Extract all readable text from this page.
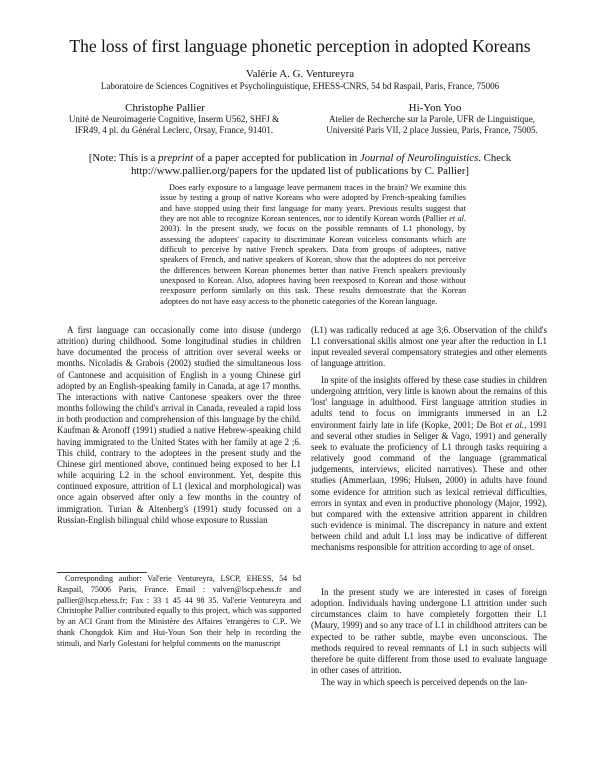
The loss of first language phonetic perception in adopted Koreans
Valérie A. G. Ventureyra
Laboratoire de Sciences Cognitives et Psycholinguistique, EHESS-CNRS, 54 bd Raspail, Paris, France, 75006
Christophe Pallier	Hi-Yon Yoo
Unité de Neuroimagerie Cognitive, Inserm U562, SHFJ &
IFR49, 4 pl. du Général Leclerc, Orsay, France, 91401.
Atelier de Recherche sur la Parole, UFR de Linguistique,
Université Paris VII, 2 place Jussieu, Paris, France, 75005.
[Note: This is a preprint of a paper accepted for publication in Journal of Neurolinguistics. Check
http://www.pallier.org/papers for the updated list of publications by C. Pallier]
Does early exposure to a language leave permanent traces in the brain? We examine this issue by testing a group of native Koreans who were adopted by French-speaking families and have stopped using their first language for many years. Previous results suggest that they are not able to recognize Korean sentences, nor to identify Korean words (Pallier et al. 2003). In the present study, we focus on the possible remnants of L1 phonology, by assessing the adoptees' capacity to discriminate Korean voiceless consonants which are difficult to perceive by native French speakers. Data from groups of adoptees, native speakers of French, and native speakers of Korean, show that the adoptees do not perceive the differences between Korean phonemes better than native French speakers previously unexposed to Korean. Also, adoptees having been reexposed to Korean and those without reexposure perform similarly on this task. These results demonstrate that the Korean adoptees do not have easy access to the phonetic categories of the Korean language.

A first language can occasionally come into disuse (undergo attrition) during childhood. Some longitudinal studies in children have documented the process of attrition over several weeks or months. Nicoladis & Grabois (2002) studied the simultaneous loss of Cantonese and acquisition of English in a young Chinese girl adopted by an English-speaking family in Canada, at age 17 months. The interactions with native Cantonese speakers over the three months following the child's arrival in Canada, revealed a rapid loss in both production and comprehension of this language by the child. Kaufman & Aronoff (1991) studied a native Hebrew-speaking child having immigrated to the United States with her family at age 2 ;6. This child, contrary to the adoptees in the present study and the Chinese girl mentioned above, continued being exposed to her L1 while acquiring L2 in the school environment. Yet, despite this continued exposure, attrition of L1 (lexical and morphological) was once again observed after only a few months in the country of immigration. Turian & Altenberg's (1991) study focussed on a Russian-English bilingual child whose exposure to Russian

Corresponding author: Val'erie Ventureyra, LSCP, EHESS, 54 bd Raspail, 75006 Paris, France. Email : valven@lscp.ehess.fr and pallier@lscp.ehess.fr; Fax : 33 1 45 44 98 35. Val'erie Ventureyra and Christophe Pallier contributed equally to this project, which was supported by an ACI Grant from the Ministère des Affaires 'etrangères to C.P.. We thank Chongdok Kim and Hui-Youn Son their help in recording the stimuli, and Narly Golestani for helpful comments on the manuscript

(L1) was radically reduced at age 3;6. Observation of the child's L1 conversational skills almost one year after the reduction in L1 input revealed several compensatory strategies and other elements of language attrition.

In spite of the insights offered by these case studies in children undergoing attrition, very little is known about the remains of this 'lost' language in adulthood. First language attrition studies in adults tend to focus on immigrants immersed in an L2 environment fairly late in life (Kopke, 2001; De Bot et al., 1991 and several other studies in Seliger & Vago, 1991) and generally seek to evaluate the proficiency of L1 through tasks requiring a relatively good command of the language (grammatical judgements, interviews, elicited narratives). These and other studies (Ammerlaan, 1996; Hulsen, 2000) in adults have found some evidence for attrition such as lexical retrieval difficulties, errors in syntax and even in productive phonology (Major, 1992), but compared with the extensive attrition apparent in children such evidence is minimal. The discrepancy in nature and extent between child and adult L1 loss may be indicative of different mechanisms responsible for attrition according to age of onset.

In the present study we are interested in cases of foreign adoption. Individuals having undergone L1 attrition under such circumstances claim to have completely forgotten their L1 (Maury, 1999) and so any trace of L1 in childhood attriters can be expected to be rather subtle, maybe even unconscious. The methods required to reveal remnants of L1 in such subjects will therefore be quite different from those used to evaluate language in other cases of attrition.

The way in which speech is perceived depends on the lan-
